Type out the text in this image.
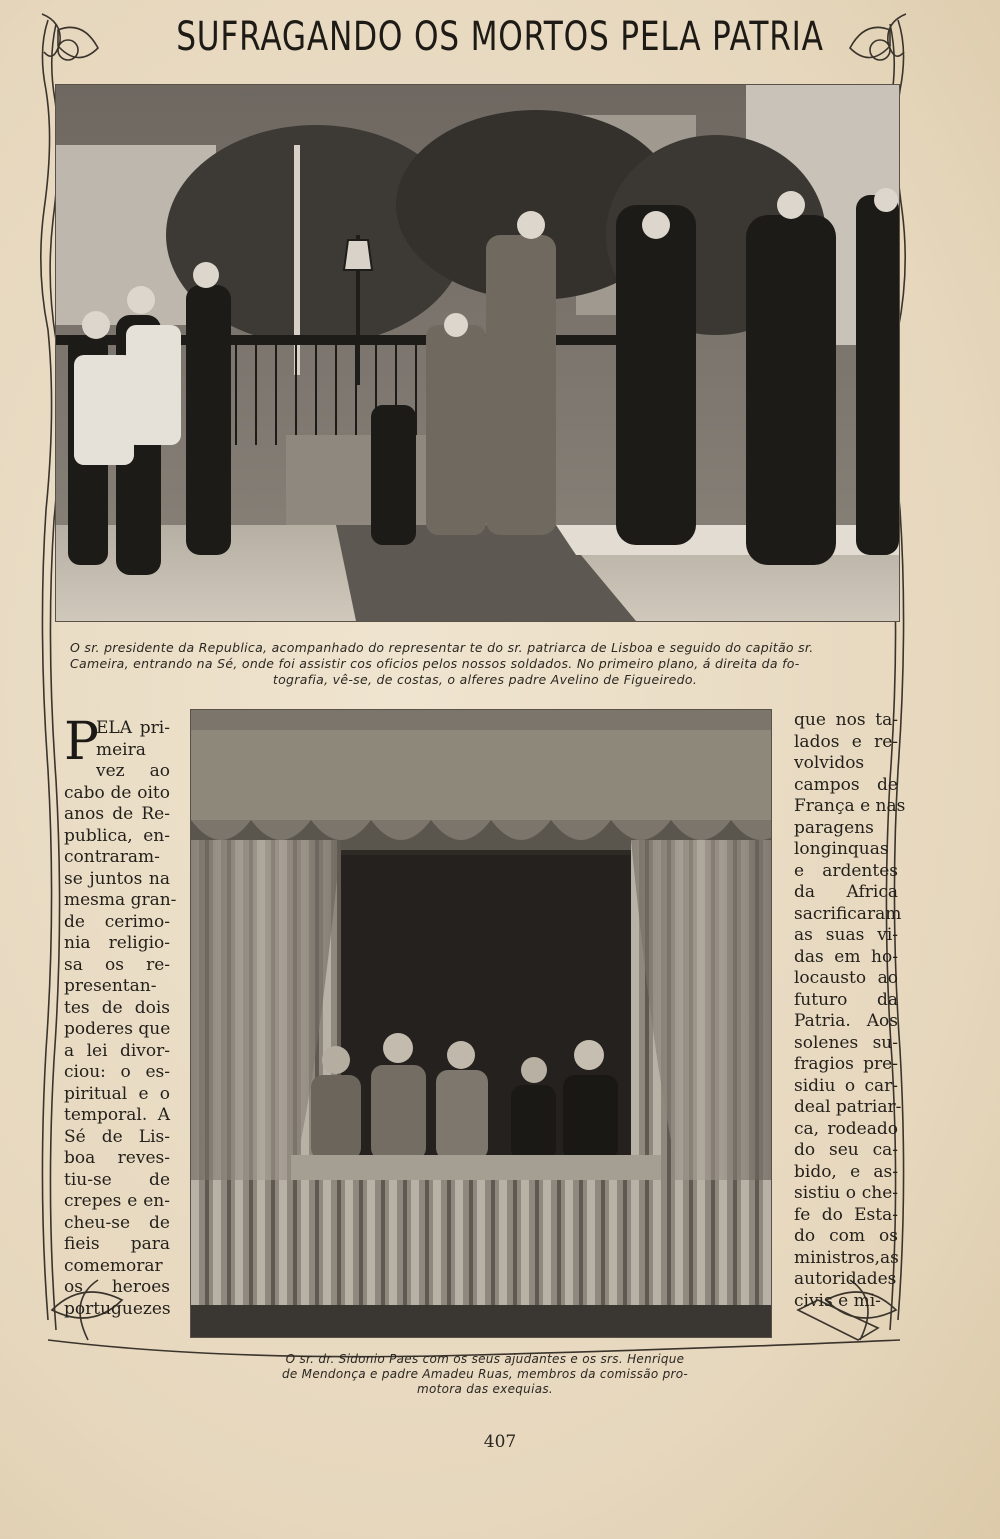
SUFRAGANDO OS MORTOS PELA PATRIA
O sr. presidente da Republica, acompanhado do representar te do sr. patriarca de Lisboa e seguido do capitão sr.
Cameira, entrando na Sé, onde foi assistir cos oficios pelos nossos soldados. No primeiro plano, á direita da fo-
tografia, vê-se, de costas, o alferes padre Avelino de Figueiredo.
P
ELA pri-
meira
vez ao
cabo de oito
anos de Re-
publica, en-
contraram-
se juntos na
mesma gran-
de cerimo-
nia religio-
sa os re-
presentan-
tes de dois
poderes que
a lei divor-
ciou: o es-
piritual e o
temporal. A
Sé de Lis-
boa reves-
tiu-se de
crepes e en-
cheu-se de
fieis para
comemorar
os heroes
portuguezes
que nos ta-
lados e re-
volvidos
campos de
França e nas
paragens
longinquas
e ardentes
da Africa
sacrificaram
as suas vi-
das em ho-
locausto ao
futuro da
Patria. Aos
solenes su-
fragios pre-
sidiu o car-
deal patriar-
ca, rodeado
do seu ca-
bido, e as-
sistiu o che-
fe do Esta-
do com os
ministros,as
autoridades
civis e mi-
O sr. dr. Sidonio Paes com os seus ajudantes e os srs. Henrique
de Mendonça e padre Amadeu Ruas, membros da comissão pro-
motora das exequias.
407
